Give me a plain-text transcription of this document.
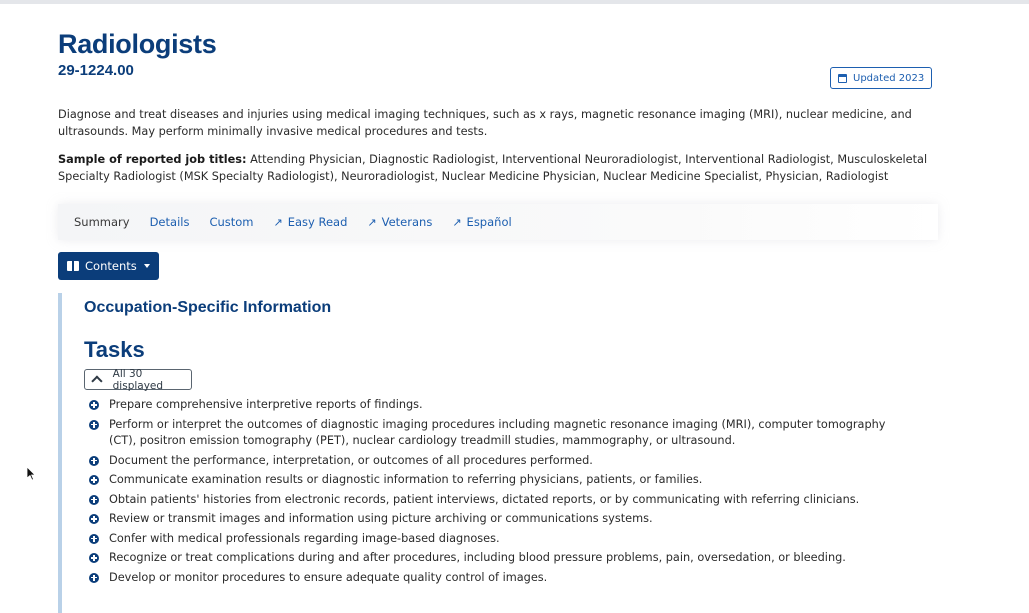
Radiologists
29-1224.00	Updated 2023
Diagnose and treat diseases and injuries using medical imaging techniques, such as x rays, magnetic resonance imaging (MRI), nuclear medicine, and ultrasounds. May perform minimally invasive medical procedures and tests.
Sample of reported job titles: Attending Physician, Diagnostic Radiologist, Interventional Neuroradiologist, Interventional Radiologist, Musculoskeletal Specialty Radiologist (MSK Specialty Radiologist), Neuroradiologist, Nuclear Medicine Physician, Nuclear Medicine Specialist, Physician, Radiologist
Summary Details Custom ↗ Easy Read ↗ Veterans ↗ Español
Contents
Occupation-Specific Information
Tasks
All 30 displayed
Prepare comprehensive interpretive reports of findings.
Perform or interpret the outcomes of diagnostic imaging procedures including magnetic resonance imaging (MRI), computer tomography (CT), positron emission tomography (PET), nuclear cardiology treadmill studies, mammography, or ultrasound.
Document the performance, interpretation, or outcomes of all procedures performed.
Communicate examination results or diagnostic information to referring physicians, patients, or families.
Obtain patients' histories from electronic records, patient interviews, dictated reports, or by communicating with referring clinicians.
Review or transmit images and information using picture archiving or communications systems.
Confer with medical professionals regarding image-based diagnoses.
Recognize or treat complications during and after procedures, including blood pressure problems, pain, oversedation, or bleeding.
Develop or monitor procedures to ensure adequate quality control of images.
